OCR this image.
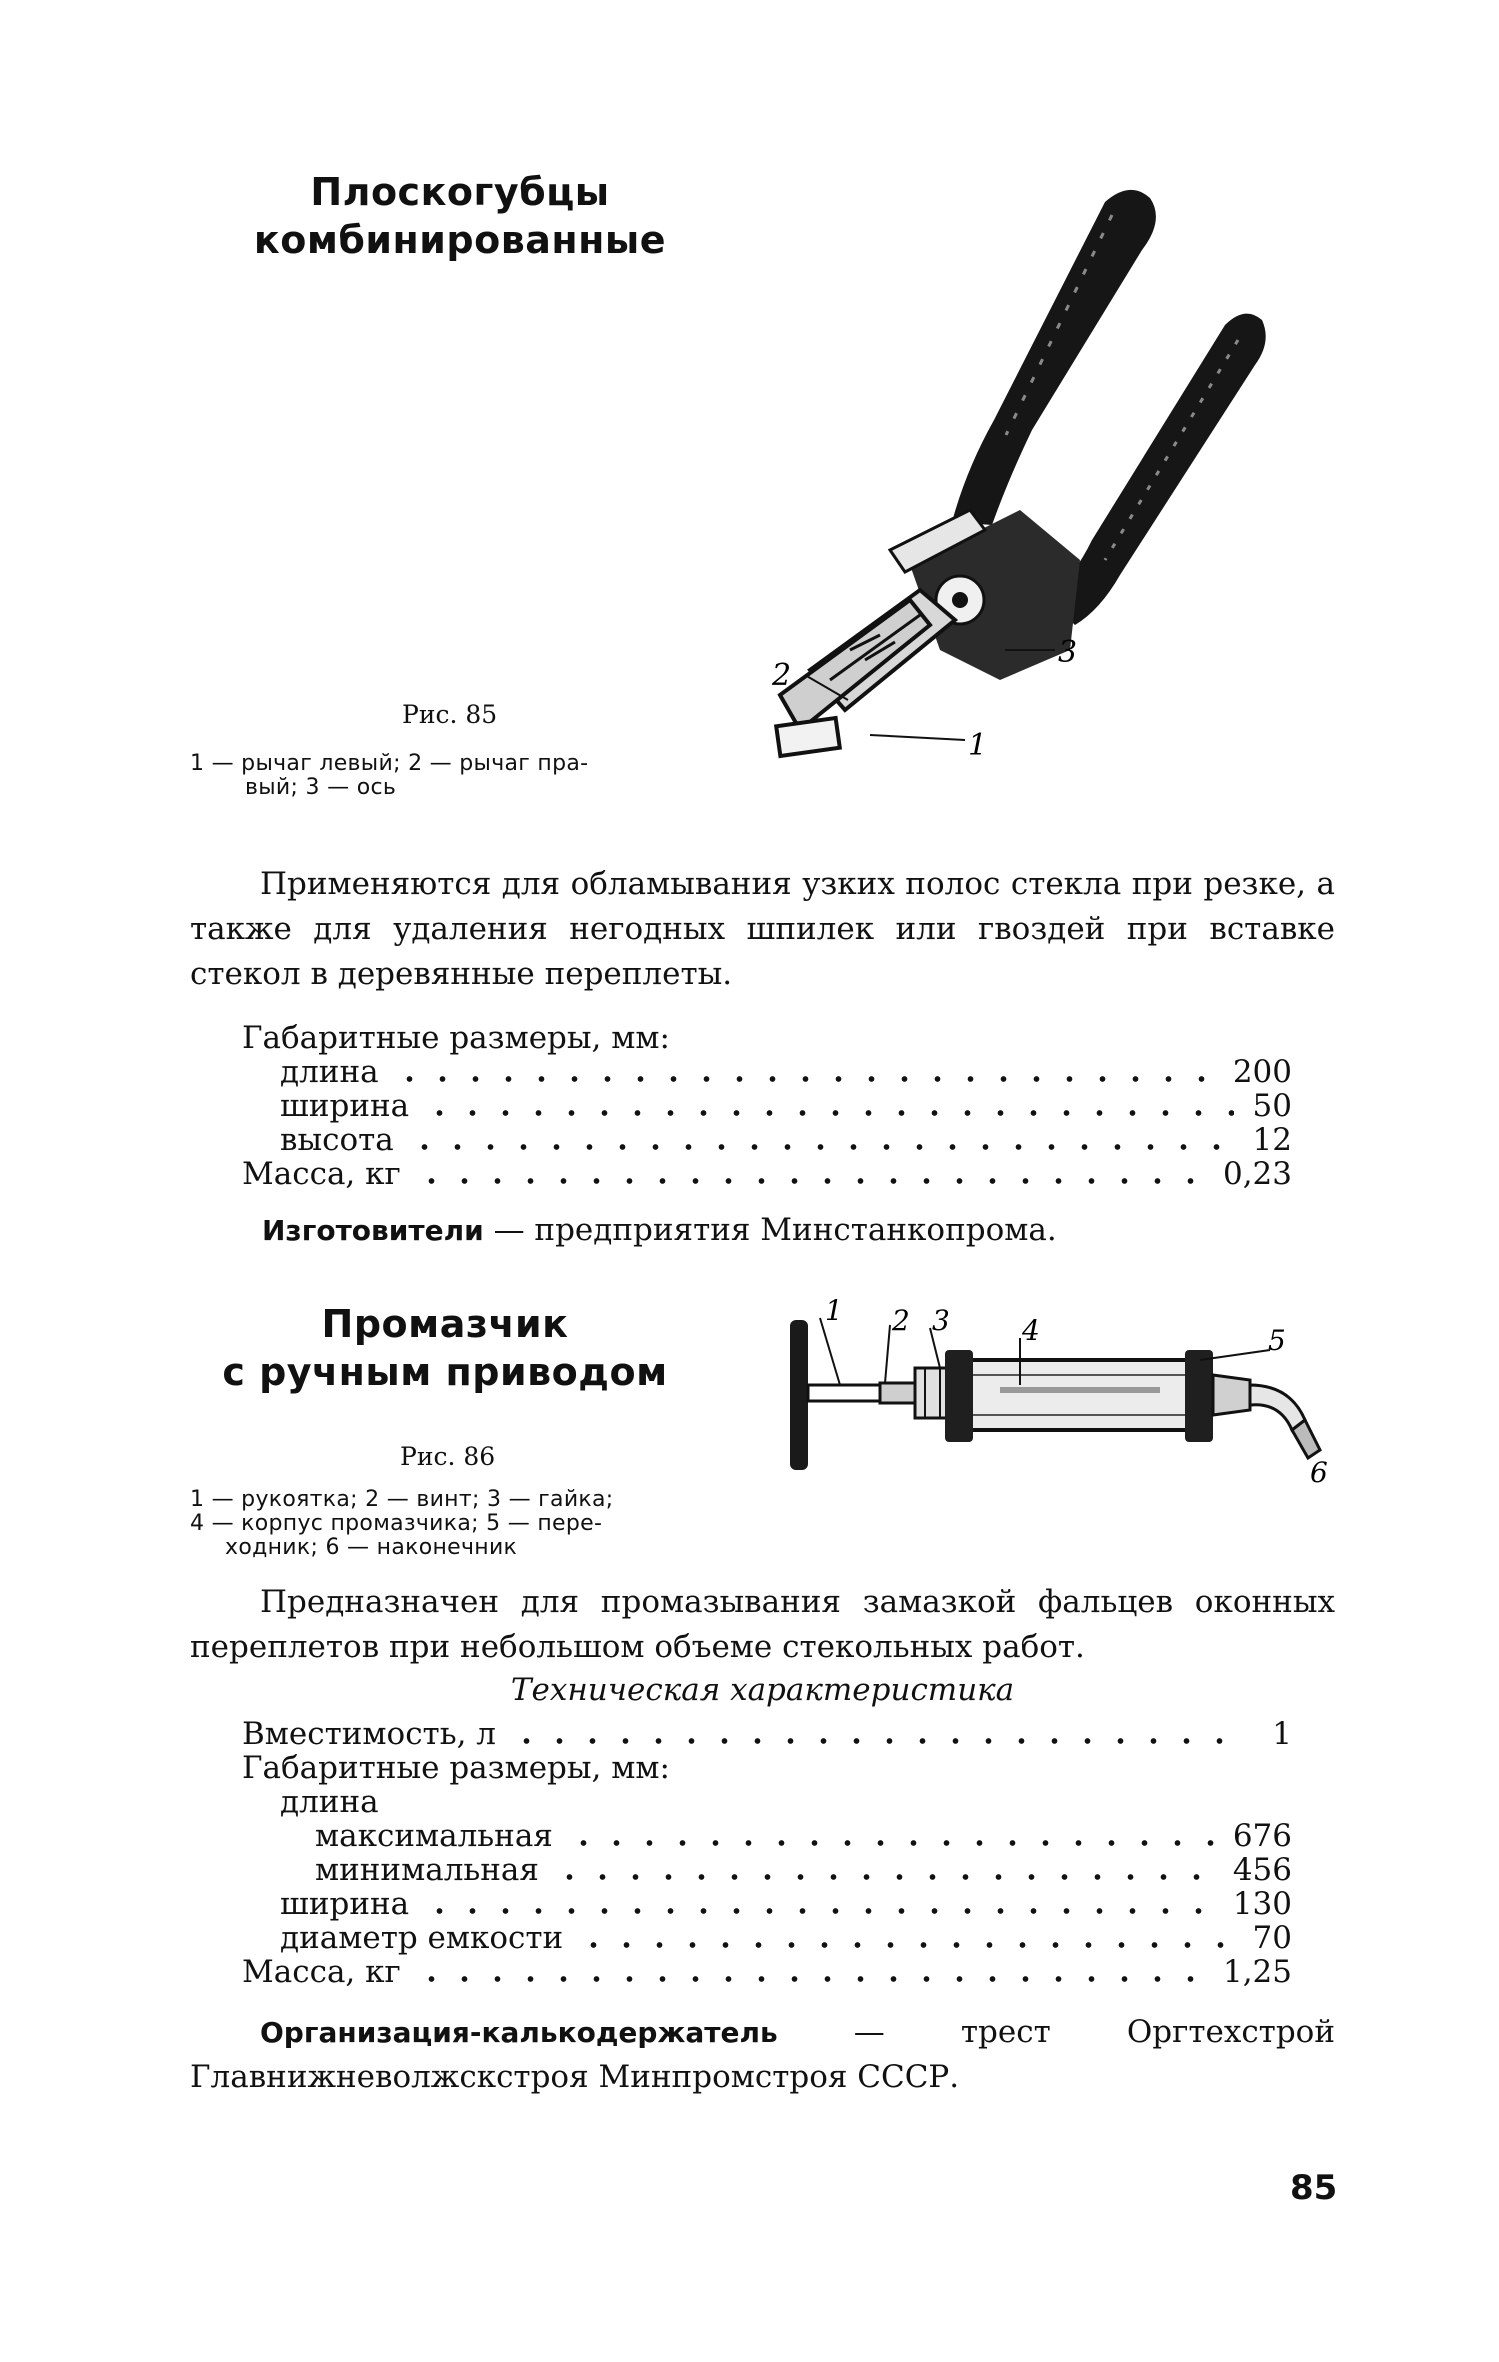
Плоскогубцы
комбинированные
2
1
3
Рис. 85
1 — рычаг левый; 2 — рычаг пра-
вый; 3 — ось
Применяются для обламывания узких полос стекла при резке, а также для удаления негодных шпилек или гвоздей при вставке стекол в деревянные переплеты.
Габаритные размеры, мм:
длина	200
ширина	50
высота	12
Масса, кг	0,23
Изготовители — предприятия Минстанкопрома.
Промазчик
с ручным приводом
1 2 3	4	5
6
Рис. 86
1 — рукоятка; 2 — винт; 3 — гайка;
4 — корпус промазчика; 5 — пере-
ходник; 6 — наконечник
Предназначен для промазывания замазкой фальцев оконных переплетов при небольшом объеме стекольных работ.
Техническая характеристика
Вместимость, л	1
Габаритные размеры, мм:
длина
максимальная	676
минимальная	456
ширина	130
диаметр емкости	70
Масса, кг	1,25
Организация-калькодержатель — трест Оргтехстрой Главнижневолжскстроя Минпромстроя СССР.
85
